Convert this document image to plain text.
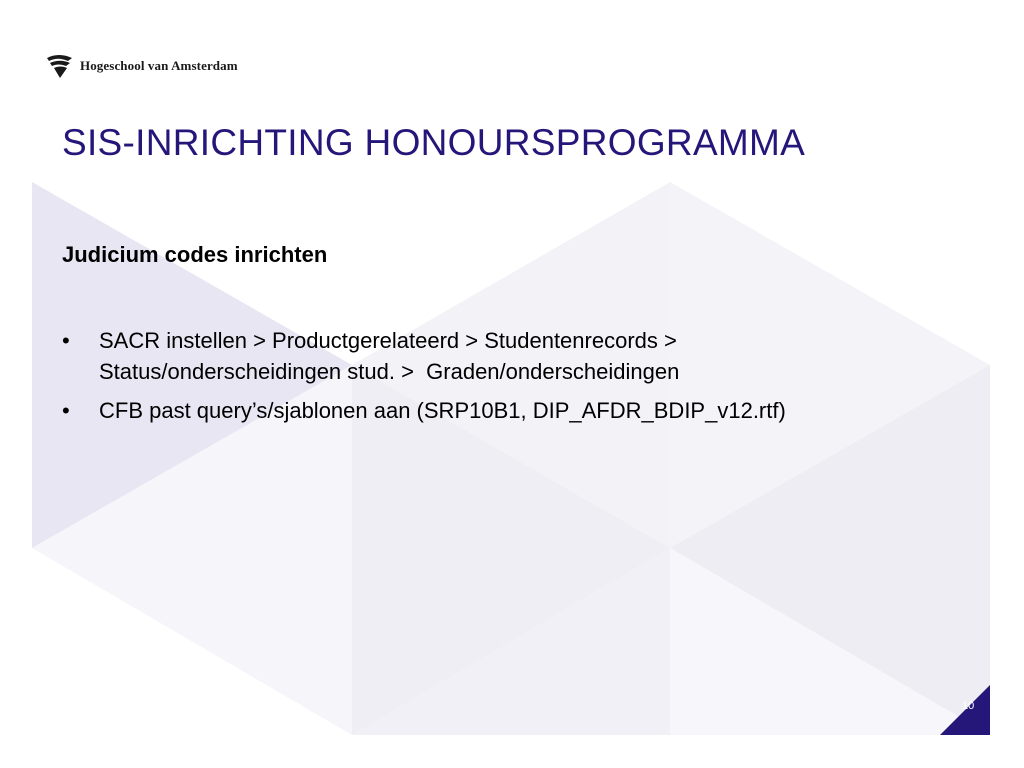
Hogeschool van Amsterdam
SIS-INRICHTING HONOURSPROGRAMMA
Judicium codes inrichten
•	SACR instellen > Productgerelateerd > Studentenrecords > Status/onderscheidingen stud. >  Graden/onderscheidingen
•	CFB past query’s/sjablonen aan (SRP10B1, DIP_AFDR_BDIP_v12.rtf)
10
